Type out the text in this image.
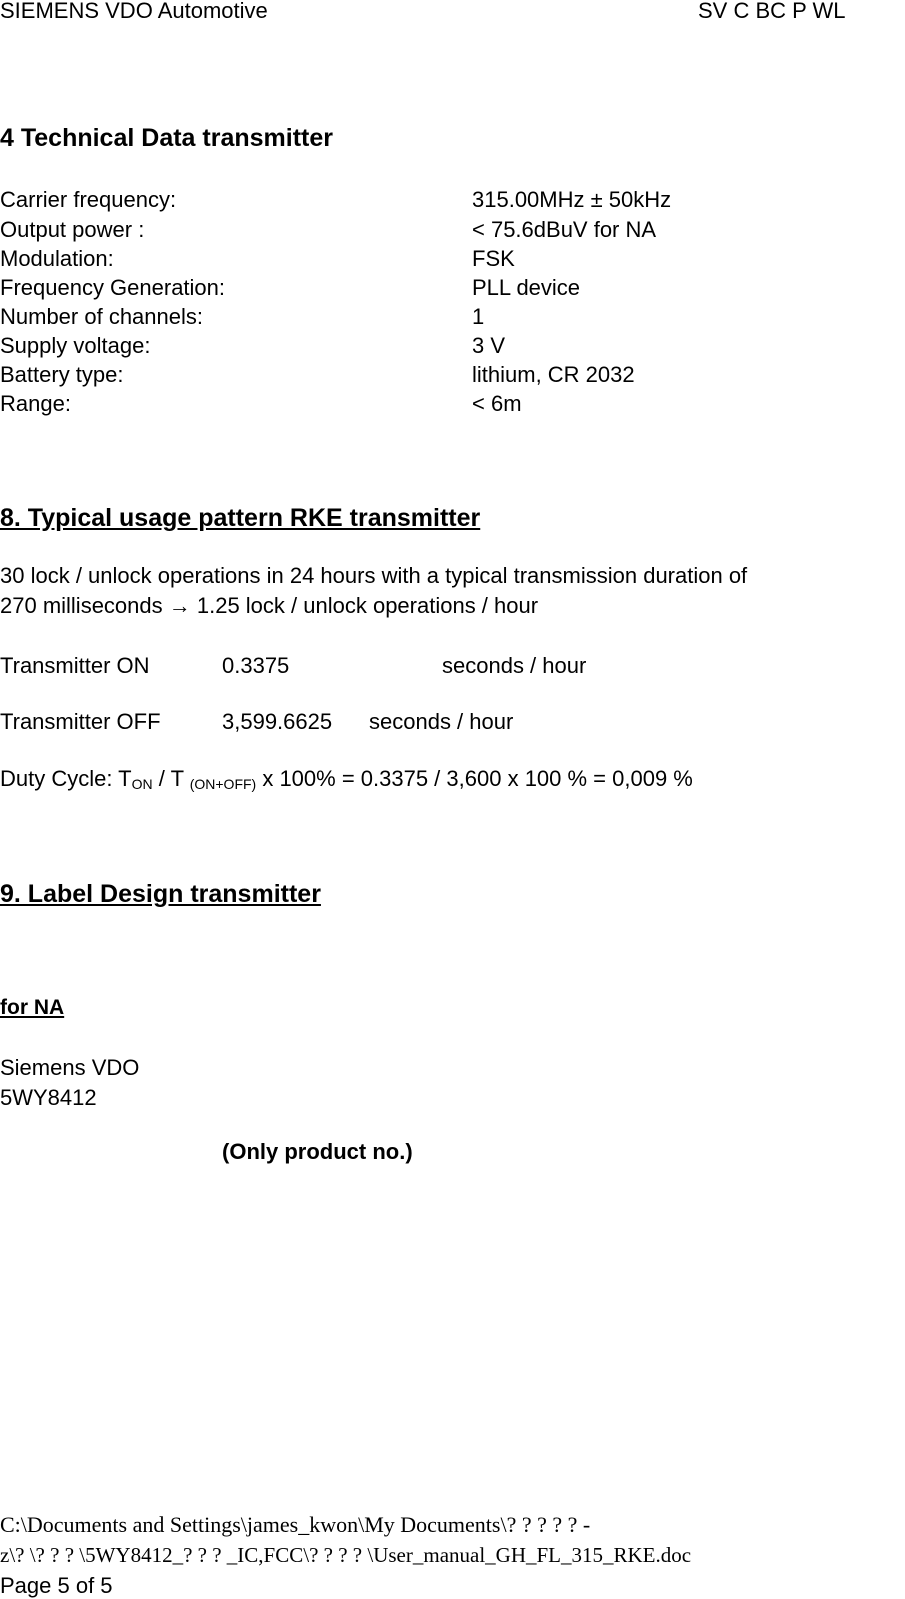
SIEMENS VDO Automotive	SV C BC P WL
4 Technical Data transmitter
Carrier frequency:	315.00MHz ± 50kHz
Output power :	< 75.6dBuV for NA
Modulation:	FSK
Frequency Generation:	PLL device
Number of channels:	1
Supply voltage:	3 V
Battery type:	lithium, CR 2032
Range:	< 6m
8. Typical usage pattern RKE transmitter
30 lock / unlock operations in 24 hours with a typical transmission duration of
270 milliseconds → 1.25 lock / unlock operations / hour
Transmitter ON	0.3375	seconds / hour
Transmitter OFF	3,599.6625 seconds / hour
Duty Cycle: $T_{ON}$ / T $_{(ON+OFF)}$ x 100% = 0.3375 / 3,600 x 100 % = 0,009 %
9. Label Design transmitter
for NA
Siemens VDO
5WY8412
(Only product no.)
C:\Documents and Settings\james_kwon\My Documents\? ? ? ? ? -
z\? \? ? ? \5WY8412_? ? ? _IC,FCC\? ? ? ? \User_manual_GH_FL_315_RKE.doc
Page 5 of 5
